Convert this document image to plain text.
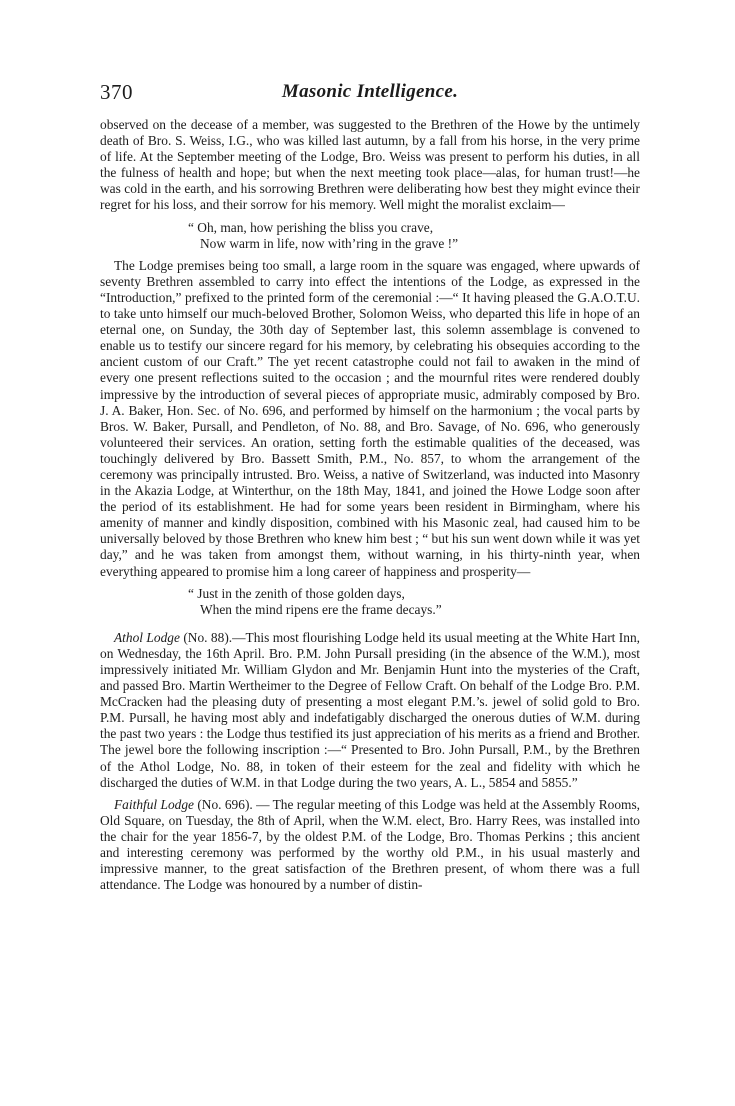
370	Masonic Intelligence.

observed on the decease of a member, was suggested to the Brethren of the Howe by the untimely death of Bro. S. Weiss, I.G., who was killed last autumn, by a fall from his horse, in the very prime of life. At the September meeting of the Lodge, Bro. Weiss was present to perform his duties, in all the fulness of health and hope; but when the next meeting took place—alas, for human trust!—he was cold in the earth, and his sorrowing Brethren were deliberating how best they might evince their regret for his loss, and their sorrow for his memory. Well might the moralist exclaim—

“ Oh, man, how perishing the bliss you crave,
Now warm in life, now with’ring in the grave !”

The Lodge premises being too small, a large room in the square was engaged, where upwards of seventy Brethren assembled to carry into effect the intentions of the Lodge, as expressed in the “Introduction,” prefixed to the printed form of the ceremonial :—“ It having pleased the G.A.O.T.U. to take unto himself our much-beloved Brother, Solomon Weiss, who departed this life in hope of an eternal one, on Sunday, the 30th day of September last, this solemn assemblage is convened to enable us to testify our sincere regard for his memory, by celebrating his obsequies according to the ancient custom of our Craft.” The yet recent catastrophe could not fail to awaken in the mind of every one present reflections suited to the occasion ; and the mournful rites were rendered doubly impressive by the introduction of several pieces of appropriate music, admirably composed by Bro. J. A. Baker, Hon. Sec. of No. 696, and performed by himself on the harmonium ; the vocal parts by Bros. W. Baker, Pursall, and Pendleton, of No. 88, and Bro. Savage, of No. 696, who generously volunteered their services. An oration, setting forth the estimable qualities of the deceased, was touchingly delivered by Bro. Bassett Smith, P.M., No. 857, to whom the arrangement of the ceremony was principally intrusted. Bro. Weiss, a native of Switzerland, was inducted into Masonry in the Akazia Lodge, at Winterthur, on the 18th May, 1841, and joined the Howe Lodge soon after the period of its establishment. He had for some years been resident in Birmingham, where his amenity of manner and kindly disposition, combined with his Masonic zeal, had caused him to be universally beloved by those Brethren who knew him best ; “ but his sun went down while it was yet day,” and he was taken from amongst them, without warning, in his thirty-ninth year, when everything appeared to promise him a long career of happiness and prosperity—

“ Just in the zenith of those golden days,
When the mind ripens ere the frame decays.”

Athol Lodge (No. 88).—This most flourishing Lodge held its usual meeting at the White Hart Inn, on Wednesday, the 16th April. Bro. P.M. John Pursall presiding (in the absence of the W.M.), most impressively initiated Mr. William Glydon and Mr. Benjamin Hunt into the mysteries of the Craft, and passed Bro. Martin Wertheimer to the Degree of Fellow Craft. On behalf of the Lodge Bro. P.M. McCracken had the pleasing duty of presenting a most elegant P.M.’s. jewel of solid gold to Bro. P.M. Pursall, he having most ably and indefatigably discharged the onerous duties of W.M. during the past two years : the Lodge thus testified its just appreciation of his merits as a friend and Brother. The jewel bore the following inscription :—“ Presented to Bro. John Pursall, P.M., by the Brethren of the Athol Lodge, No. 88, in token of their esteem for the zeal and fidelity with which he discharged the duties of W.M. in that Lodge during the two years, A. L., 5854 and 5855.”

Faithful Lodge (No. 696). — The regular meeting of this Lodge was held at the Assembly Rooms, Old Square, on Tuesday, the 8th of April, when the W.M. elect, Bro. Harry Rees, was installed into the chair for the year 1856-7, by the oldest P.M. of the Lodge, Bro. Thomas Perkins ; this ancient and interesting ceremony was performed by the worthy old P.M., in his usual masterly and impressive manner, to the great satisfaction of the Brethren present, of whom there was a full attendance. The Lodge was honoured by a number of distin-
